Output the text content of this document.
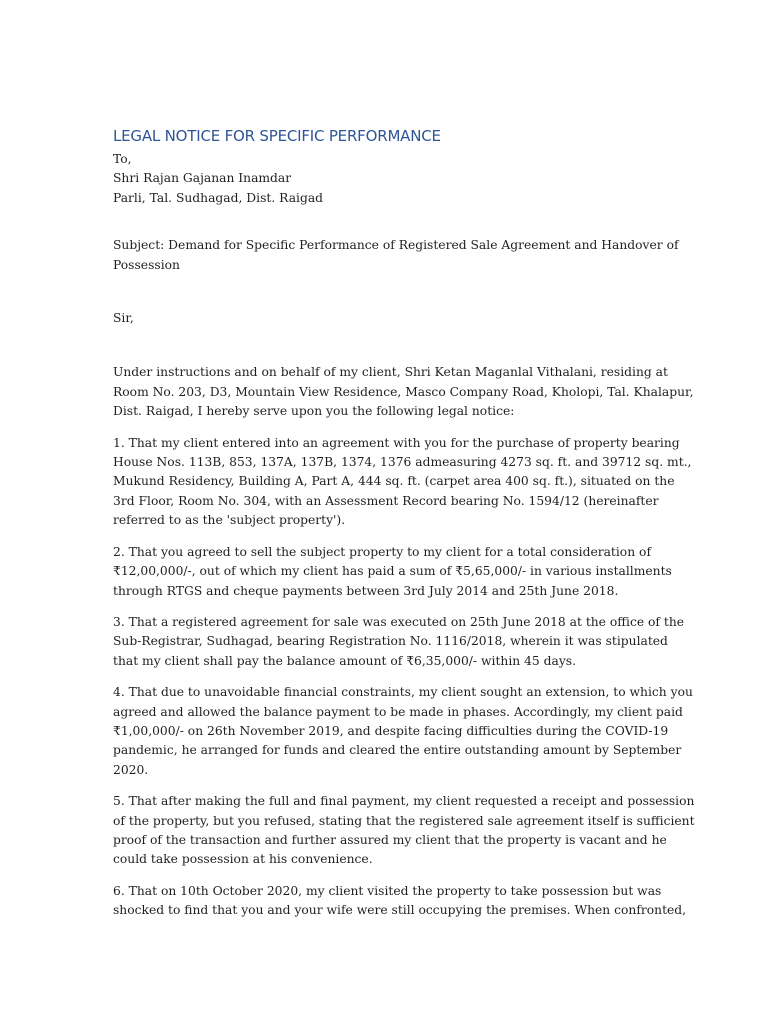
LEGAL NOTICE FOR SPECIFIC PERFORMANCE
To,
Shri Rajan Gajanan Inamdar
Parli, Tal. Sudhagad, Dist. Raigad
Subject: Demand for Specific Performance of Registered Sale Agreement and Handover of
Possession
Sir,
Under instructions and on behalf of my client, Shri Ketan Maganlal Vithalani, residing at
Room No. 203, D3, Mountain View Residence, Masco Company Road, Kholopi, Tal. Khalapur,
Dist. Raigad, I hereby serve upon you the following legal notice:
1. That my client entered into an agreement with you for the purchase of property bearing
House Nos. 113B, 853, 137A, 137B, 1374, 1376 admeasuring 4273 sq. ft. and 39712 sq. mt.,
Mukund Residency, Building A, Part A, 444 sq. ft. (carpet area 400 sq. ft.), situated on the
3rd Floor, Room No. 304, with an Assessment Record bearing No. 1594/12 (hereinafter
referred to as the 'subject property').
2. That you agreed to sell the subject property to my client for a total consideration of
₹12,00,000/-, out of which my client has paid a sum of ₹5,65,000/- in various installments
through RTGS and cheque payments between 3rd July 2014 and 25th June 2018.
3. That a registered agreement for sale was executed on 25th June 2018 at the office of the
Sub-Registrar, Sudhagad, bearing Registration No. 1116/2018, wherein it was stipulated
that my client shall pay the balance amount of ₹6,35,000/- within 45 days.
4. That due to unavoidable financial constraints, my client sought an extension, to which you
agreed and allowed the balance payment to be made in phases. Accordingly, my client paid
₹1,00,000/- on 26th November 2019, and despite facing difficulties during the COVID-19
pandemic, he arranged for funds and cleared the entire outstanding amount by September
2020.
5. That after making the full and final payment, my client requested a receipt and possession
of the property, but you refused, stating that the registered sale agreement itself is sufficient
proof of the transaction and further assured my client that the property is vacant and he
could take possession at his convenience.
6. That on 10th October 2020, my client visited the property to take possession but was
shocked to find that you and your wife were still occupying the premises. When confronted,
